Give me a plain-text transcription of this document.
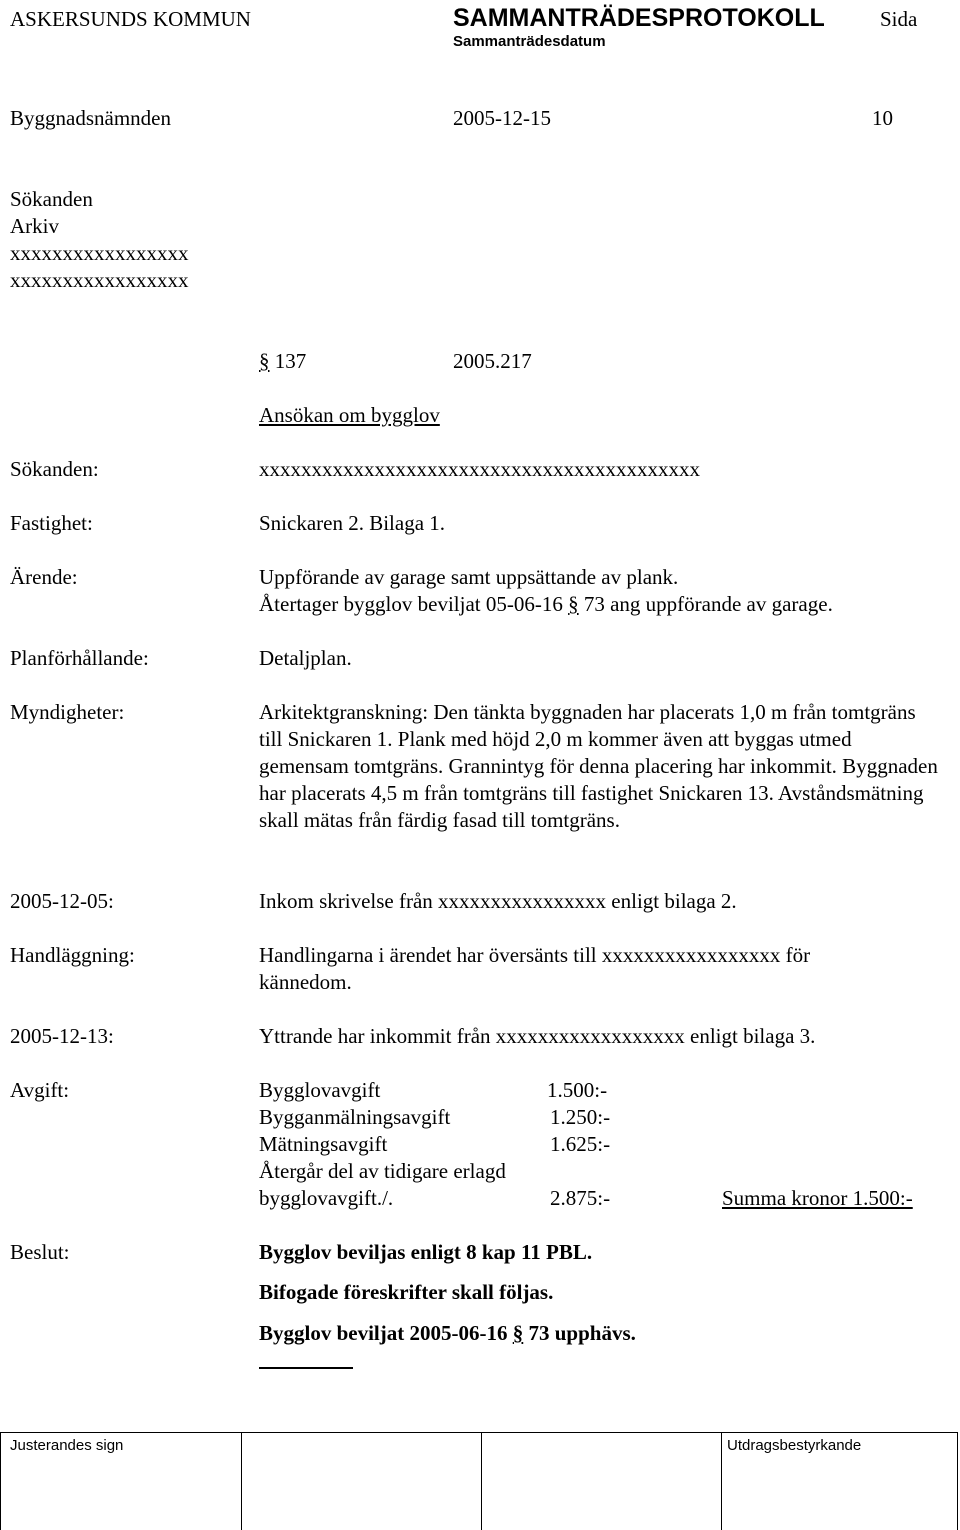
ASKERSUNDS KOMMUN	SAMMANTRÄDESPROTOKOLL	Sida
Sammanträdesdatum
Byggnadsnämnden	2005-12-15	10
Sökanden
Arkiv
xxxxxxxxxxxxxxxxx
xxxxxxxxxxxxxxxxx
§ 137	2005.217
Ansökan om bygglov
Sökanden:	xxxxxxxxxxxxxxxxxxxxxxxxxxxxxxxxxxxxxxxxxx
Fastighet:	Snickaren 2. Bilaga 1.
Ärende:	Uppförande av garage samt uppsättande av plank.
Återtager bygglov beviljat 05-06-16 § 73 ang uppförande av garage.
Planförhållande:	Detaljplan.
Myndigheter:	Arkitektgranskning: Den tänkta byggnaden har placerats 1,0 m från tomtgräns till Snickaren 1. Plank med höjd 2,0 m kommer även att byggas utmed gemensam tomtgräns. Grannintyg för denna placering har inkommit. Byggnaden har placerats 4,5 m från tomtgräns till fastighet Snickaren 13. Avståndsmätning skall mätas från färdig fasad till tomtgräns.
2005-12-05:	Inkom skrivelse från xxxxxxxxxxxxxxxx enligt bilaga 2.
Handläggning:	Handlingarna i ärendet har översänts till xxxxxxxxxxxxxxxxx för
kännedom.
2005-12-13:	Yttrande har inkommit från xxxxxxxxxxxxxxxxxx enligt bilaga 3.
Avgift:	Bygglovavgift	1.500:-
Bygganmälningsavgift	1.250:-
Mätningsavgift	1.625:-
Återgår del av tidigare erlagd
bygglovavgift./.	2.875:-	Summa kronor 1.500:-
Beslut:	Bygglov beviljas enligt 8 kap 11 PBL.
Bifogade föreskrifter skall följas.
Bygglov beviljat 2005-06-16 § 73 upphävs.
Justerandes sign	Utdragsbestyrkande
